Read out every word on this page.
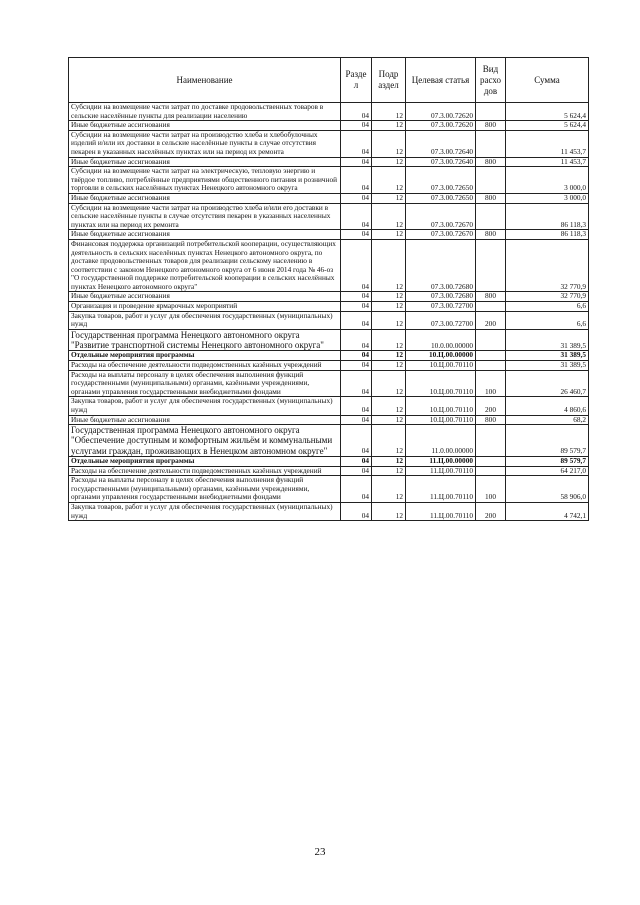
Наименование	Разде л	Подр аздел	Целевая статья	Вид расхо дов	Сумма
Субсидии на возмещение части затрат по доставке продовольственных товаров в сельские населённые пункты для реализации населению	04	12	07.3.00.72620		5 624,4
Иные бюджетные ассигнования	04	12	07.3.00.72620	800	5 624,4
Субсидии на возмещение части затрат на производство хлеба и хлебобулочных изделий и/или их доставки в сельские населённые пункты в случае отсутствия пекарен в указанных населённых пунктах или на период их ремонта	04	12	07.3.00.72640		11 453,7
Иные бюджетные ассигнования	04	12	07.3.00.72640	800	11 453,7
Субсидии на возмещение части затрат на электрическую, тепловую энергию и твёрдое топливо, потреблённые предприятиями общественного питания и розничной торговли в сельских населённых пунктах Ненецкого автономного округа	04	12	07.3.00.72650		3 000,0
Иные бюджетные ассигнования	04	12	07.3.00.72650	800	3 000,0
Субсидии на возмещение части затрат на производство хлеба и/или его доставки в сельские населённые пункты в случае отсутствия пекарен в указанных населенных пунктах или на период их ремонта	04	12	07.3.00.72670		86 118,3
Иные бюджетные ассигнования	04	12	07.3.00.72670	800	86 118,3
Финансовая поддержка организаций потребительской кооперации, осуществляющих деятельность в сельских населённых пунктах Ненецкого автономного округа, по доставке продовольственных товаров для реализации сельскому населению в соответствии с законом Ненецкого автономного округа от 6 июня 2014 года № 46-оз "О государственной поддержке потребительской кооперации в сельских населённых пунктах Ненецкого автономного округа"	04	12	07.3.00.72680		32 770,9
Иные бюджетные ассигнования	04	12	07.3.00.72680	800	32 770,9
Организация и проведение ярмарочных мероприятий	04	12	07.3.00.72700		6,6
Закупка товаров, работ и услуг для обеспечения государственных (муниципальных) нужд	04	12	07.3.00.72700	200	6,6
Государственная программа Ненецкого автономного округа "Развитие транспортной системы Ненецкого автономного округа"	04	12	10.0.00.00000		31 389,5
Отдельные мероприятия программы	04	12	10.Ц.00.00000		31 389,5
Расходы на обеспечение деятельности подведомственных казённых учреждений	04	12	10.Ц.00.70110		31 389,5
Расходы на выплаты персоналу в целях обеспечения выполнения функций государственными (муниципальными) органами, казёнными учреждениями, органами управления государственными внебюджетными фондами	04	12	10.Ц.00.70110	100	26 460,7
Закупка товаров, работ и услуг для обеспечения государственных (муниципальных) нужд	04	12	10.Ц.00.70110	200	4 860,6
Иные бюджетные ассигнования	04	12	10.Ц.00.70110	800	68,2
Государственная программа Ненецкого автономного округа "Обеспечение доступным и комфортным жильём и коммунальными услугами граждан, проживающих в Ненецком автономном округе"	04	12	11.0.00.00000		89 579,7
Отдельные мероприятия программы	04	12	11.Ц.00.00000		89 579,7
Расходы на обеспечение деятельности подведомственных казённых учреждений	04	12	11.Ц.00.70110		64 217,0
Расходы на выплаты персоналу в целях обеспечения выполнения функций государственными (муниципальными) органами, казёнными учреждениями, органами управления государственными внебюджетными фондами	04	12	11.Ц.00.70110	100	58 906,0
Закупка товаров, работ и услуг для обеспечения государственных (муниципальных) нужд	04	12	11.Ц.00.70110	200	4 742,1
23
